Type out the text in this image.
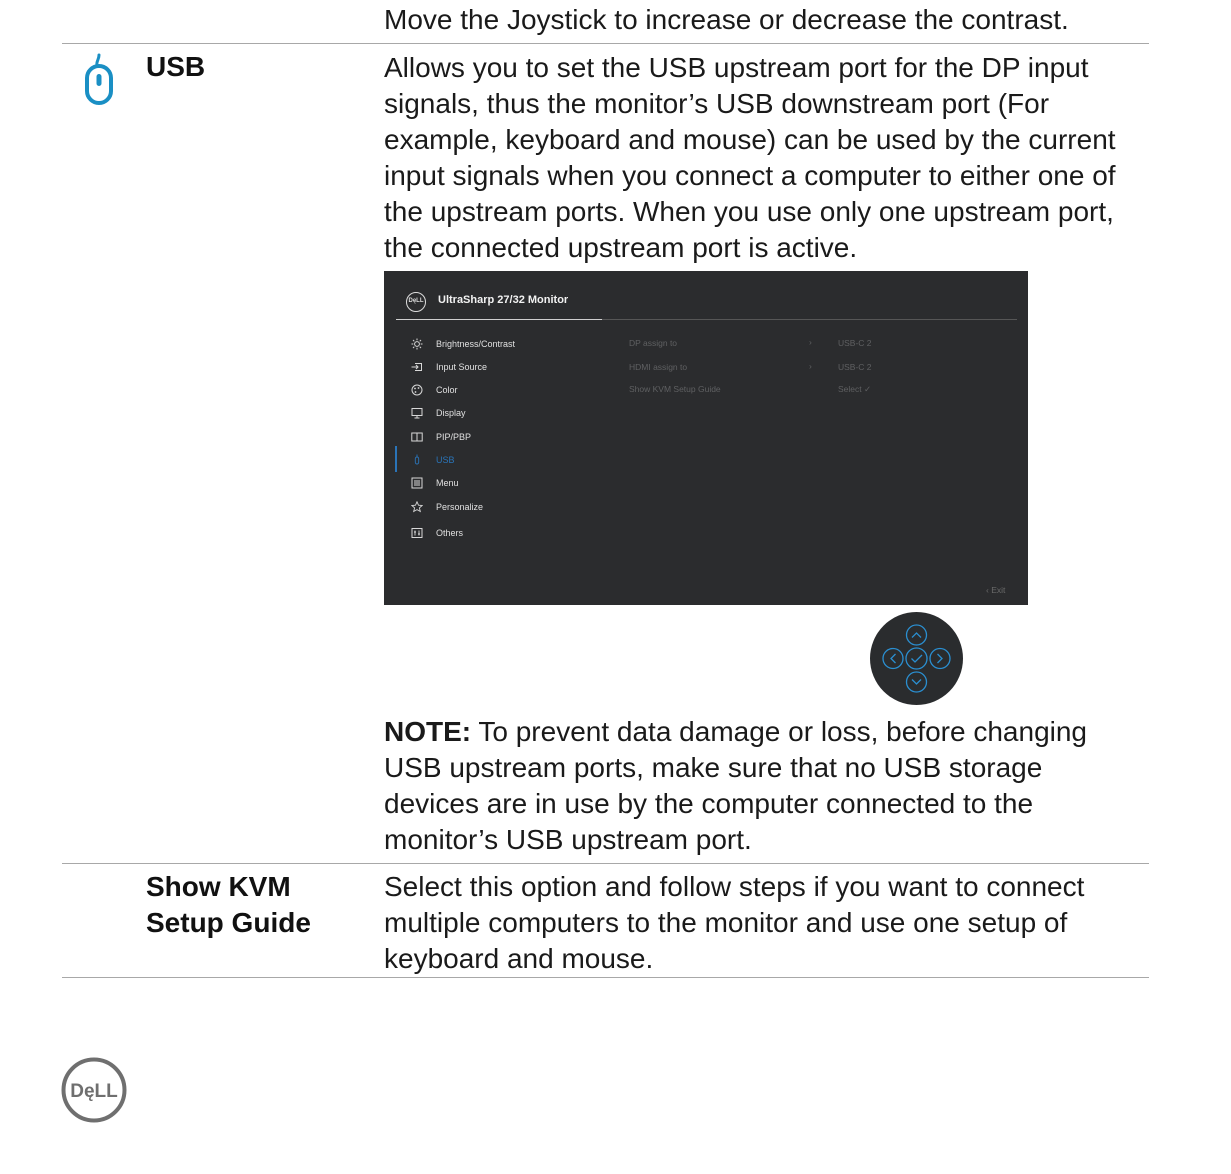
Move the Joystick to increase or decrease the contrast.
USB	Allows you to set the USB upstream port for the DP input
signals, thus the monitor’s USB downstream port (For
example, keyboard and mouse) can be used by the current
input signals when you connect a computer to either one of
the upstream ports. When you use only one upstream port,
the connected upstream port is active.
DęLL UltraSharp 27/32 Monitor
Brightness/Contrast
Input Source
Color
Display
PIP/PBP
USB
Menu
Personalize
Others
DP assign to	›	USB-C 2
HDMI assign to	›	USB-C 2
Show KVM Setup Guide	Select ✓
‹ Exit
NOTE: To prevent data damage or loss, before changing
USB upstream ports, make sure that no USB storage
devices are in use by the computer connected to the
monitor’s USB upstream port.
Show KVM
Setup Guide
Select this option and follow steps if you want to connect
multiple computers to the monitor and use one setup of
keyboard and mouse.
DęLL
